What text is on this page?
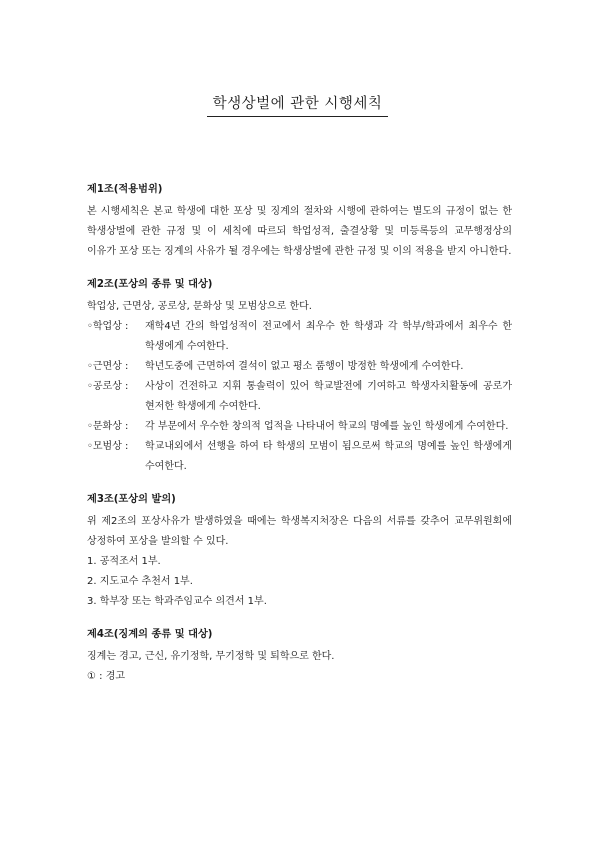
학생상벌에 관한 시행세칙
제1조(적용범위)
본 시행세칙은 본교 학생에 대한 포상 및 징계의 절차와 시행에 관하여는 별도의 규정이 없는 한 학생상벌에 관한 규정 및 이 세칙에 따르되 학업성적, 출결상황 및 미등록등의 교무행정상의 이유가 포상 또는 징계의 사유가 될 경우에는 학생상벌에 관한 규정 및 이의 적용을 받지 아니한다.
제2조(포상의 종류 및 대상)
학업상, 근면상, 공로상, 문화상 및 모범상으로 한다.
◦학업상 :	재학4년 간의 학업성적이 전교에서 최우수 한 학생과 각 학부/학과에서 최우수 한 학생에게 수여한다.
◦근면상 :	학년도중에 근면하여 결석이 없고 평소 품행이 방정한 학생에게 수여한다.
◦공로상 :	사상이 건전하고 지휘 통솔력이 있어 학교발전에 기여하고 학생자치활동에 공로가 현저한 학생에게 수여한다.
◦문화상 :	각 부문에서 우수한 창의적 업적을 나타내어 학교의 명예를 높인 학생에게 수여한다.
◦모범상 :	학교내외에서 선행을 하여 타 학생의 모범이 됨으로써 학교의 명예를 높인 학생에게 수여한다.
제3조(포상의 발의)
위 제2조의 포상사유가 발생하였을 때에는 학생복지처장은 다음의 서류를 갖추어 교무위원회에 상정하여 포상을 발의할 수 있다.
1. 공적조서 1부.
2. 지도교수 추천서 1부.
3. 학부장 또는 학과주임교수 의견서 1부.
제4조(징계의 종류 및 대상)
징계는 경고, 근신, 유기정학, 무기정학 및 퇴학으로 한다.
① : 경고
